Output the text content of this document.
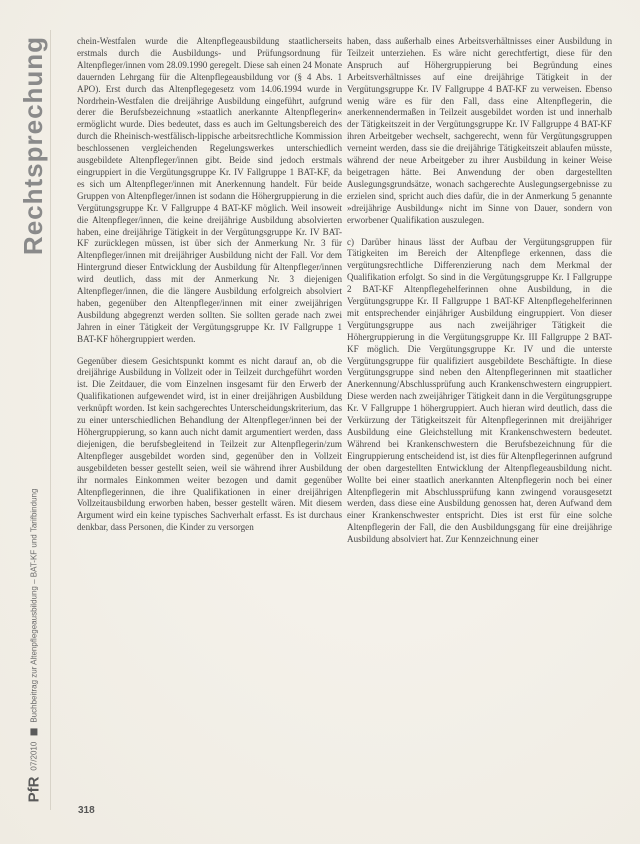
Rechtsprechung
PfR
07/2010
Buchbeitrag zur Altenpflegeausbildung – BAT-KF und Tarifbindung

chein-Westfalen wurde die Altenpflegeausbildung staatlicherseits erstmals durch die Ausbildungs- und Prüfungsordnung für Altenpfleger/innen vom 28.09.1990 geregelt. Diese sah einen 24 Monate dauernden Lehrgang für die Altenpflegeausbildung vor (§ 4 Abs. 1 APO). Erst durch das Altenpflegegesetz vom 14.06.1994 wurde in Nordrhein-Westfalen die dreijährige Ausbildung eingeführt, aufgrund derer die Berufsbezeichnung »staatlich anerkannte Altenpflegerin« ermöglicht wurde. Dies bedeutet, dass es auch im Geltungsbereich des durch die Rheinisch-westfälisch-lippische arbeitsrechtliche Kommission beschlossenen vergleichenden Regelungswerkes unterschiedlich ausgebildete Altenpfleger/innen gibt. Beide sind jedoch erstmals eingruppiert in die Vergütungsgruppe Kr. IV Fallgruppe 1 BAT-KF, da es sich um Altenpfleger/innen mit Anerkennung handelt. Für beide Gruppen von Altenpfleger/innen ist sodann die Höhergruppierung in die Vergütungsgruppe Kr. V Fallgruppe 4 BAT-KF möglich. Weil insoweit die Altenpfleger/innen, die keine dreijährige Ausbildung absolvierten haben, eine dreijährige Tätigkeit in der Vergütungsgruppe Kr. IV BAT-KF zurücklegen müssen, ist über sich der Anmerkung Nr. 3 für Altenpfleger/innen mit dreijähriger Ausbildung nicht der Fall. Vor dem Hintergrund dieser Entwicklung der Ausbildung für Altenpfleger/innen wird deutlich, dass mit der Anmerkung Nr. 3 diejenigen Altenpfleger/innen, die die längere Ausbildung erfolgreich absolviert haben, gegenüber den Altenpfleger/innen mit einer zweijährigen Ausbildung abgegrenzt werden sollten. Sie sollten gerade nach zwei Jahren in einer Tätigkeit der Vergütungsgruppe Kr. IV Fallgruppe 1 BAT-KF höhergruppiert werden.

Gegenüber diesem Gesichtspunkt kommt es nicht darauf an, ob die dreijährige Ausbildung in Vollzeit oder in Teilzeit durchgeführt worden ist. Die Zeitdauer, die vom Einzelnen insgesamt für den Erwerb der Qualifikationen aufgewendet wird, ist in einer dreijährigen Ausbildung verknüpft worden. Ist kein sachgerechtes Unterscheidungskriterium, das zu einer unterschiedlichen Behandlung der Altenpfleger/innen bei der Höhergruppierung, so kann auch nicht damit argumentiert werden, dass diejenigen, die berufsbegleitend in Teilzeit zur Altenpflegerin/zum Altenpfleger ausgebildet worden sind, gegenüber den in Vollzeit ausgebildeten besser gestellt seien, weil sie während ihrer Ausbildung ihr normales Einkommen weiter bezogen und damit gegenüber Altenpflegerinnen, die ihre Qualifikationen in einer dreijährigen Vollzeitausbildung erworben haben, besser gestellt wären. Mit diesem Argument wird ein keine typisches Sachverhalt erfasst. Es ist durchaus denkbar, dass Personen, die Kinder zu versorgen

haben, dass außerhalb eines Arbeitsverhältnisses einer Ausbildung in Teilzeit unterziehen. Es wäre nicht gerechtfertigt, diese für den Anspruch auf Höhergruppierung bei Begründung eines Arbeitsverhältnisses auf eine dreijährige Tätigkeit in der Vergütungsgruppe Kr. IV Fallgruppe 4 BAT-KF zu verweisen. Ebenso wenig wäre es für den Fall, dass eine Altenpflegerin, die anerkennendermaßen in Teilzeit ausgebildet worden ist und innerhalb der Tätigkeitszeit in der Vergütungsgruppe Kr. IV Fallgruppe 4 BAT-KF ihren Arbeitgeber wechselt, sachgerecht, wenn für Vergütungsgruppen verneint werden, dass sie die dreijährige Tätigkeitszeit ablaufen müsste, während der neue Arbeitgeber zu ihrer Ausbildung in keiner Weise beigetragen hätte. Bei Anwendung der oben dargestellten Auslegungsgrundsätze, wonach sachgerechte Auslegungsergebnisse zu erzielen sind, spricht auch dies dafür, die in der Anmerkung 5 genannte »dreijährige Ausbildung« nicht im Sinne von Dauer, sondern von erworbener Qualifikation auszulegen.

c) Darüber hinaus lässt der Aufbau der Vergütungsgruppen für Tätigkeiten im Bereich der Altenpflege erkennen, dass die vergütungsrechtliche Differenzierung nach dem Merkmal der Qualifikation erfolgt. So sind in die Vergütungsgruppe Kr. I Fallgruppe 2 BAT-KF Altenpflegehelferinnen ohne Ausbildung, in die Vergütungsgruppe Kr. II Fallgruppe 1 BAT-KF Altenpflegehelferinnen mit entsprechender einjähriger Ausbildung eingruppiert. Von dieser Vergütungsgruppe aus nach zweijähriger Tätigkeit die Höhergruppierung in die Vergütungsgruppe Kr. III Fallgruppe 2 BAT-KF möglich. Die Vergütungsgruppe Kr. IV und die unterste Vergütungsgruppe für qualifiziert ausgebildete Beschäftigte. In diese Vergütungsgruppe sind neben den Altenpflegerinnen mit staatlicher Anerkennung/Abschlussprüfung auch Krankenschwestern eingruppiert. Diese werden nach zweijähriger Tätigkeit dann in die Vergütungsgruppe Kr. V Fallgruppe 1 höhergruppiert. Auch hieran wird deutlich, dass die Verkürzung der Tätigkeitszeit für Altenpflegerinnen mit dreijähriger Ausbildung eine Gleichstellung mit Krankenschwestern bedeutet. Während bei Krankenschwestern die Berufsbezeichnung für die Eingruppierung entscheidend ist, ist dies für Altenpflegerinnen aufgrund der oben dargestellten Entwicklung der Altenpflegeausbildung nicht. Wollte bei einer staatlich anerkannten Altenpflegerin noch bei einer Altenpflegerin mit Abschlussprüfung kann zwingend vorausgesetzt werden, dass diese eine Ausbildung genossen hat, deren Aufwand dem einer Krankenschwester entspricht. Dies ist erst für eine solche Altenpflegerin der Fall, die den Ausbildungsgang für eine dreijährige Ausbildung absolviert hat. Zur Kennzeichnung einer

318
